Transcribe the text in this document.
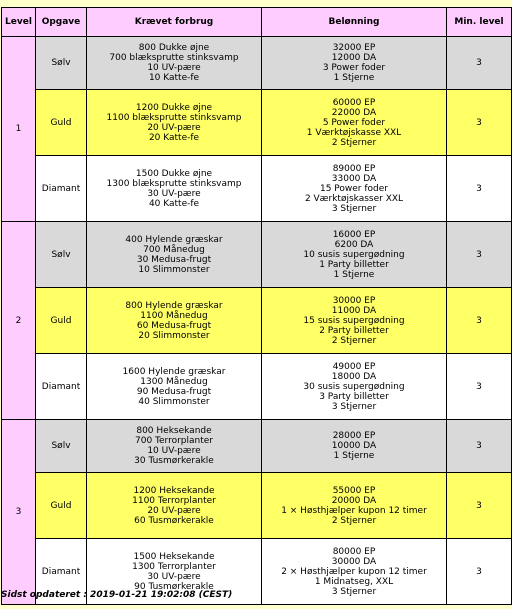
Level	Opgave	Krævet forbrug	Belønning	Min. level
1	Sølv	800 Dukke øjne
700 blæksprutte stinksvamp
10 UV-pære
10 Katte-fe	32000 EP
12000 DA
3 Power foder
1 Stjerne	3
	Guld	1200 Dukke øjne
1100 blæksprutte stinksvamp
20 UV-pære
20 Katte-fe	60000 EP
22000 DA
5 Power foder
1 Værktøjskasse XXL
2 Stjerner	3
	Diamant	1500 Dukke øjne
1300 blæksprutte stinksvamp
30 UV-pære
40 Katte-fe	89000 EP
33000 DA
15 Power foder
2 Værktøjskasser XXL
3 Stjerner	3
2	Sølv	400 Hylende græskar
700 Månedug
30 Medusa-frugt
10 Slimmonster	16000 EP
6200 DA
10 susis supergødning
1 Party billetter
1 Stjerne	3
	Guld	800 Hylende græskar
1100 Månedug
60 Medusa-frugt
20 Slimmonster	30000 EP
11000 DA
15 susis supergødning
2 Party billetter
2 Stjerner	3
	Diamant	1600 Hylende græskar
1300 Månedug
90 Medusa-frugt
40 Slimmonster	49000 EP
18000 DA
30 susis supergødning
3 Party billetter
3 Stjerner	3
3	Sølv	800 Heksekande
700 Terrorplanter
10 UV-pære
30 Tusmørkerakle	28000 EP
10000 DA
1 Stjerne	3
	Guld	1200 Heksekande
1100 Terrorplanter
20 UV-pære
60 Tusmørkerakle	55000 EP
20000 DA
1 × Høsthjælper kupon 12 timer
2 Stjerner	3
	Diamant	1500 Heksekande
1300 Terrorplanter
30 UV-pære
90 Tusmørkerakle	80000 EP
30000 DA
2 × Høsthjælper kupon 12 timer
1 Midnatseg, XXL
3 Stjerner	3
Sidst opdateret : 2019-01-21 19:02:08 (CEST)
